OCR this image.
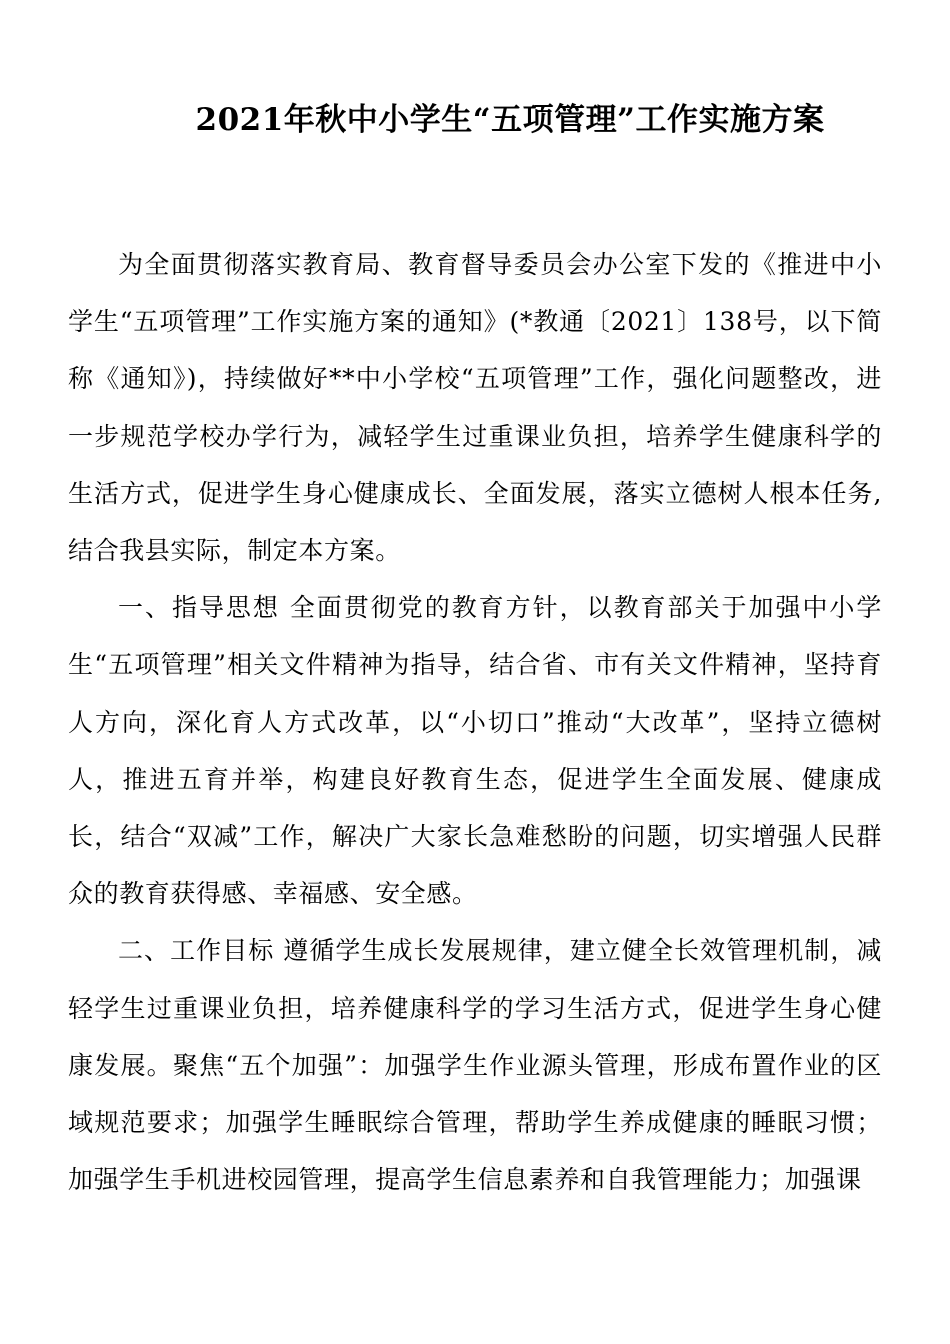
2021年秋中小学生“五项管理”工作实施方案

为全面贯彻落实教育局、教育督导委员会办公室下发的《推进中小学生“五项管理”工作实施方案的通知》(*教通〔2021〕138号，以下简称《通知》)，持续做好**中小学校“五项管理”工作，强化问题整改，进一步规范学校办学行为，减轻学生过重课业负担，培养学生健康科学的生活方式，促进学生身心健康成长、全面发展，落实立德树人根本任务,结合我县实际，制定本方案。

一、指导思想 全面贯彻党的教育方针，以教育部关于加强中小学生“五项管理”相关文件精神为指导，结合省、市有关文件精神，坚持育人方向，深化育人方式改革，以“小切口”推动“大改革”，坚持立德树人，推进五育并举，构建良好教育生态，促进学生全面发展、健康成长，结合“双减”工作，解决广大家长急难愁盼的问题，切实增强人民群众的教育获得感、幸福感、安全感。

二、工作目标 遵循学生成长发展规律，建立健全长效管理机制，减轻学生过重课业负担，培养健康科学的学习生活方式，促进学生身心健康发展。聚焦“五个加强”：加强学生作业源头管理，形成布置作业的区域规范要求；加强学生睡眠综合管理，帮助学生养成健康的睡眠习惯；加强学生手机进校园管理，提高学生信息素养和自我管理能力；加强课
